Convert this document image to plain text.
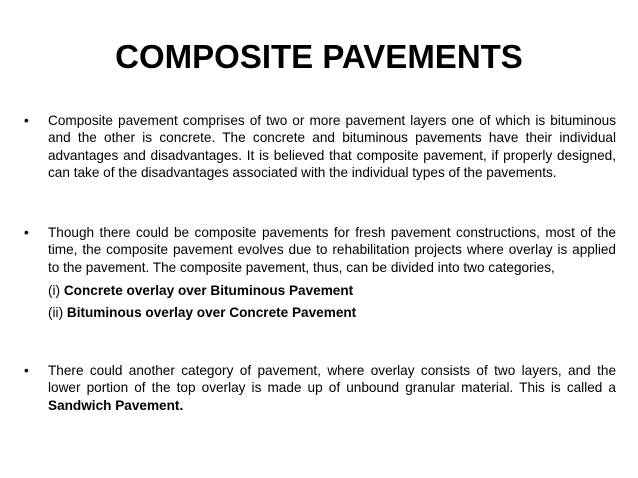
COMPOSITE PAVEMENTS
•	Composite pavement comprises of two or more pavement layers one of which is bituminous and the other is concrete. The concrete and bituminous pavements have their individual advantages and disadvantages. It is believed that composite pavement, if properly designed, can take of the disadvantages associated with the individual types of the pavements.
•	Though there could be composite pavements for fresh pavement constructions, most of the time, the composite pavement evolves due to rehabilitation projects where overlay is applied to the pavement. The composite pavement, thus, can be divided into two categories,
(i) Concrete overlay over Bituminous Pavement
(ii) Bituminous overlay over Concrete Pavement
•	There could another category of pavement, where overlay consists of two layers, and the lower portion of the top overlay is made up of unbound granular material. This is called a Sandwich Pavement.
